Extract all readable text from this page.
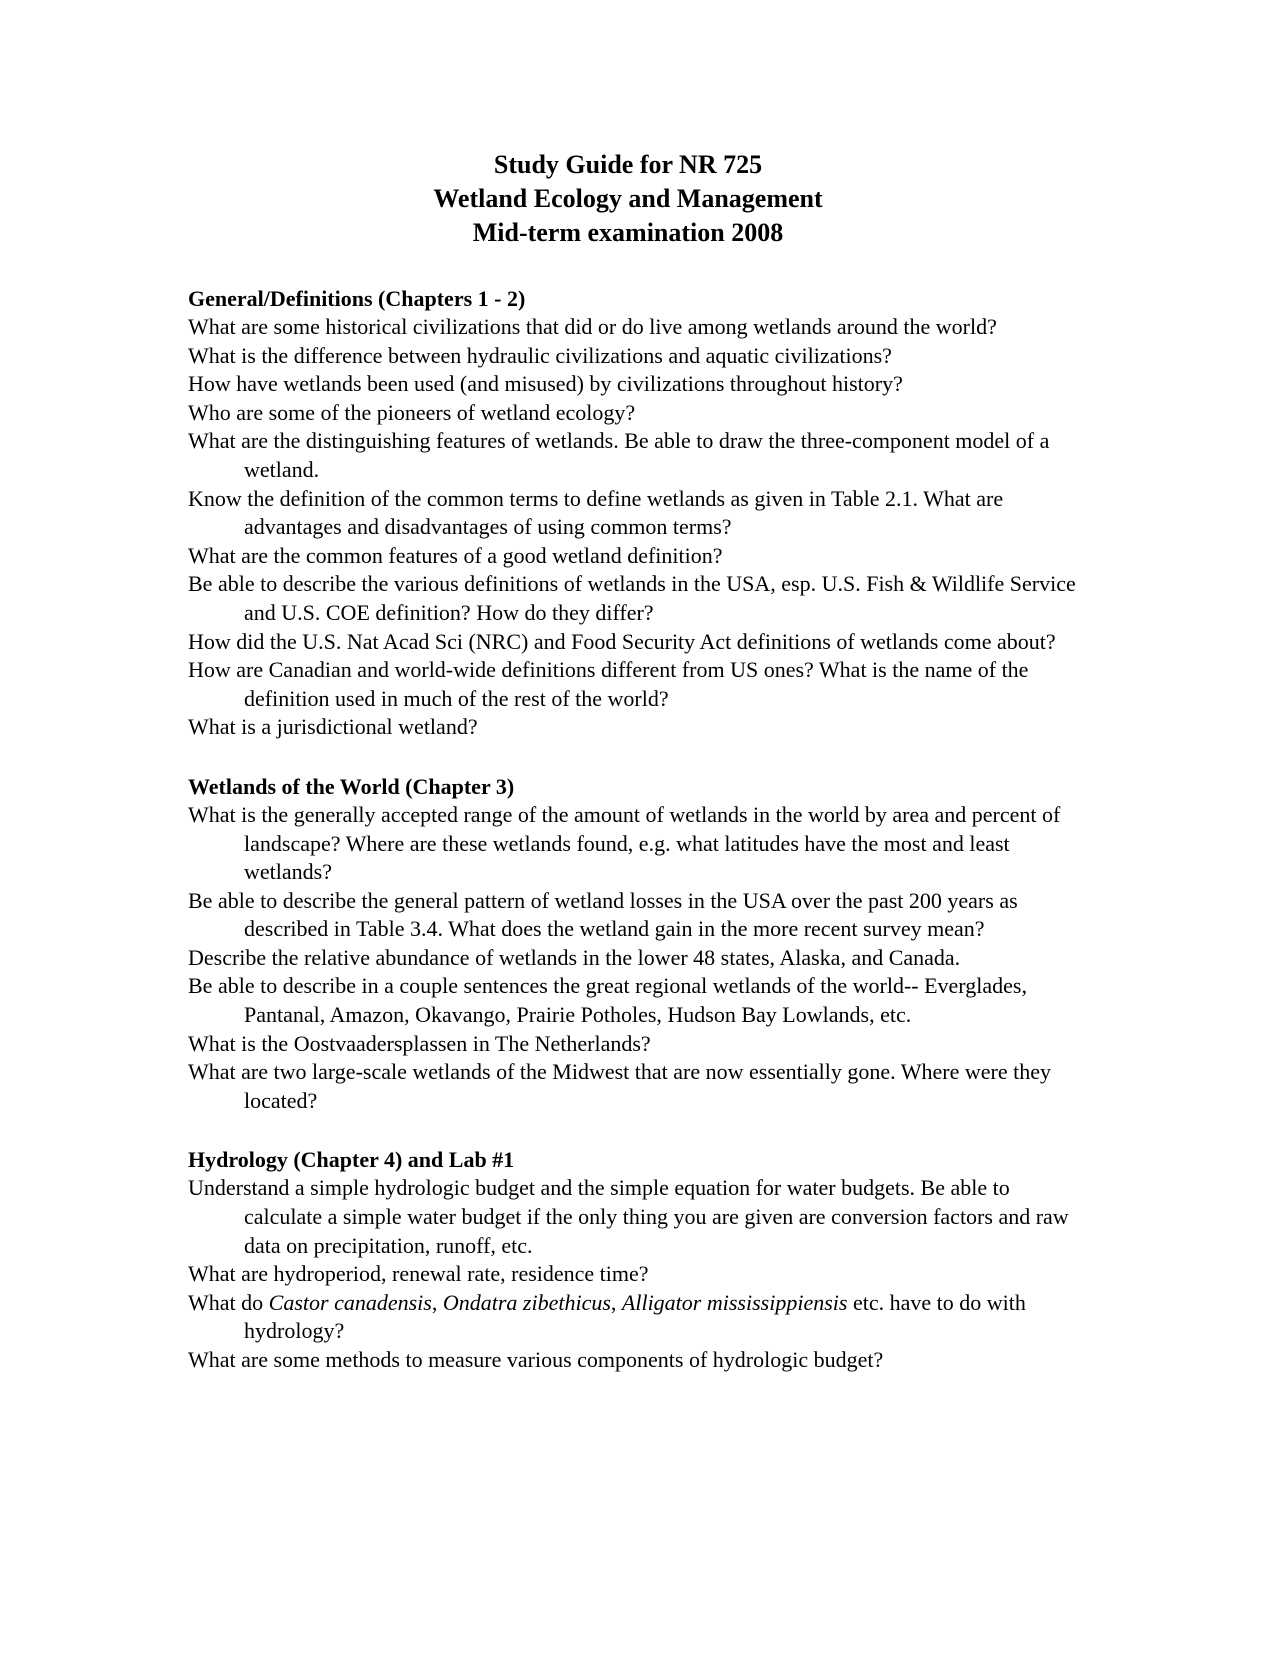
Study Guide for NR 725
Wetland Ecology and Management
Mid-term examination 2008

General/Definitions (Chapters 1 - 2)

What are some historical civilizations that did or do live among wetlands around the world?

What is the difference between hydraulic civilizations and aquatic civilizations?

How have wetlands been used (and misused) by civilizations throughout history?

Who are some of the pioneers of wetland ecology?

What are the distinguishing features of wetlands. Be able to draw the three-component model of a wetland.

Know the definition of the common terms to define wetlands as given in Table 2.1. What are advantages and disadvantages of using common terms?

What are the common features of a good wetland definition?

Be able to describe the various definitions of wetlands in the USA, esp. U.S. Fish & Wildlife Service and U.S. COE definition? How do they differ?

How did the U.S. Nat Acad Sci (NRC) and Food Security Act definitions of wetlands come about?

How are Canadian and world-wide definitions different from US ones? What is the name of the definition used in much of the rest of the world?

What is a jurisdictional wetland?

Wetlands of the World (Chapter 3)

What is the generally accepted range of the amount of wetlands in the world by area and percent of landscape? Where are these wetlands found, e.g. what latitudes have the most and least wetlands?

Be able to describe the general pattern of wetland losses in the USA over the past 200 years as described in Table 3.4. What does the wetland gain in the more recent survey mean?

Describe the relative abundance of wetlands in the lower 48 states, Alaska, and Canada.

Be able to describe in a couple sentences the great regional wetlands of the world-- Everglades, Pantanal, Amazon, Okavango, Prairie Potholes, Hudson Bay Lowlands, etc.

What is the Oostvaadersplassen in The Netherlands?

What are two large-scale wetlands of the Midwest that are now essentially gone. Where were they located?

Hydrology (Chapter 4) and Lab #1

Understand a simple hydrologic budget and the simple equation for water budgets. Be able to calculate a simple water budget if the only thing you are given are conversion factors and raw data on precipitation, runoff, etc.

What are hydroperiod, renewal rate, residence time?

What do Castor canadensis, Ondatra zibethicus, Alligator mississippiensis etc. have to do with hydrology?

What are some methods to measure various components of hydrologic budget?
